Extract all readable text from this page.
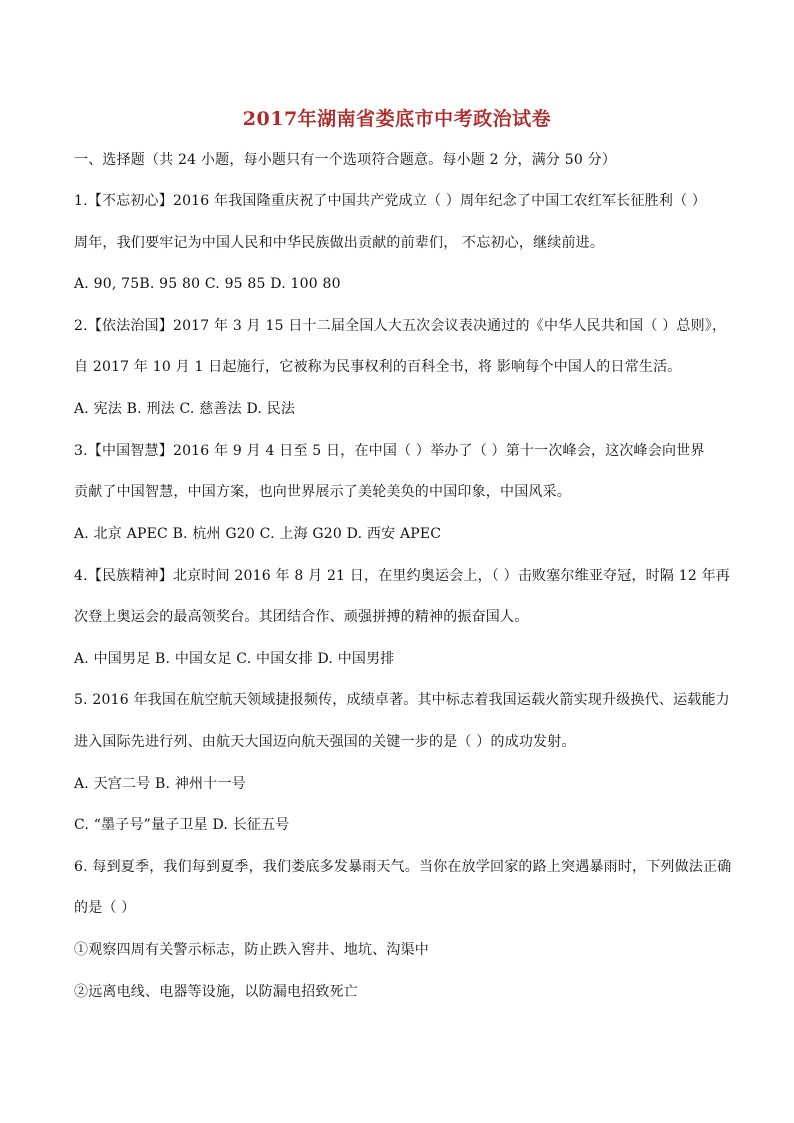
2017年湖南省娄底市中考政治试卷
一、选择题（共 24 小题，每小题只有一个选项符合题意。每小题 2 分，满分 50 分）
1.【不忘初心】2016 年我国隆重庆祝了中国共产党成立（ ）周年纪念了中国工农红军长征胜利（ ）
周年，我们要牢记为中国人民和中华民族做出贡献的前辈们， 不忘初心，继续前进。
A. 90, 75B. 95 80 C. 95 85 D. 100 80
2.【依法治国】2017 年 3 月 15 日十二届全国人大五次会议表决通过的《中华人民共和国（ ）总则》，
自 2017 年 10 月 1 日起施行，它被称为民事权利的百科全书，将 影响每个中国人的日常生活。
A. 宪法 B. 刑法 C. 慈善法 D. 民法
3.【中国智慧】2016 年 9 月 4 日至 5 日，在中国（ ）举办了（ ）第十一次峰会，这次峰会向世界
贡献了中国智慧，中国方案，也向世界展示了美轮美奂的中国印象，中国风采。
A. 北京 APEC B. 杭州 G20 C. 上海 G20 D. 西安 APEC
4.【民族精神】北京时间 2016 年 8 月 21 日，在里约奥运会上，（ ）击败塞尔维亚夺冠，时隔 12 年再
次登上奥运会的最高领奖台。其团结合作、顽强拼搏的精神的振奋国人。
A. 中国男足 B. 中国女足 C. 中国女排 D. 中国男排
5. 2016 年我国在航空航天领域捷报频传，成绩卓著。其中标志着我国运载火箭实现升级换代、运载能力
进入国际先进行列、由航天大国迈向航天强国的关键一步的是（ ）的成功发射。
A. 天宫二号 B. 神州十一号
C. “墨子号”量子卫星 D. 长征五号
6. 每到夏季，我们每到夏季，我们娄底多发暴雨天气。当你在放学回家的路上突遇暴雨时，下列做法正确
的是（ ）
①观察四周有关警示标志，防止跌入窖井、地坑、沟渠中
②远离电线、电器等设施，以防漏电招致死亡
